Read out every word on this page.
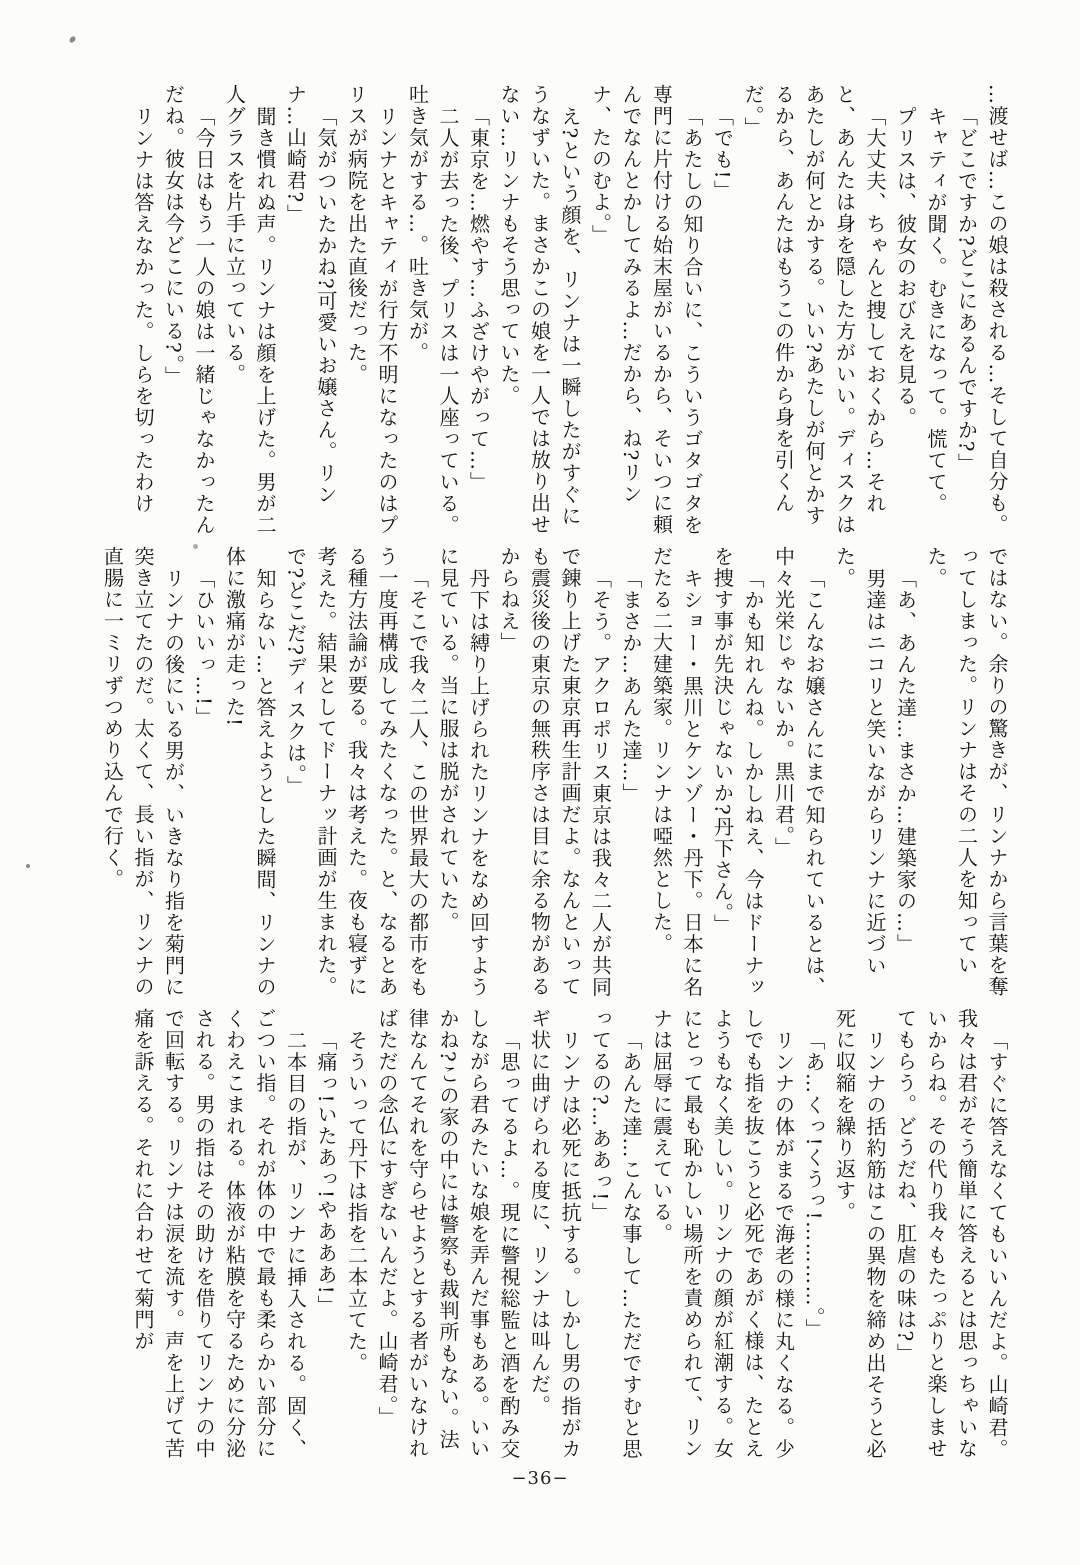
…渡せば…この娘は殺される…そして自分も。

「どこですか?どこにあるんですか?」

キャティが聞く。むきになって。慌てて。

プリスは、彼女のおびえを見る。

「大丈夫、ちゃんと捜しておくから…それと、あんたは身を隠した方がいい。ディスクはあたしが何とかする。いい?あたしが何とかするから、あんたはもうこの件から身を引くんだ。」

「でも!」

「あたしの知り合いに、こういうゴタゴタを専門に片付ける始末屋がいるから、そいつに頼んでなんとかしてみるよ…だから、ね?リンナ、たのむよ。」

え?という顔を、リンナは一瞬したがすぐにうなずいた。まさかこの娘を一人では放り出せない…リンナもそう思っていた。

「東京を…燃やす…ふざけやがって…」

二人が去った後、プリスは一人座っている。吐き気がする…。吐き気が。

リンナとキャティが行方不明になったのはプリスが病院を出た直後だった。

「気がついたかね?可愛いお嬢さん。リンナ…山崎君?」

聞き慣れぬ声。リンナは顔を上げた。男が二人グラスを片手に立っている。

「今日はもう一人の娘は一緒じゃなかったんだね。彼女は今どこにいる?。」

リンナは答えなかった。しらを切ったわけ

ではない。余りの驚きが、リンナから言葉を奪ってしまった。リンナはその二人を知っていた。

「あ、あんた達…まさか…建築家の…」

男達はニコリと笑いながらリンナに近づいた。

「こんなお嬢さんにまで知られているとは、中々光栄じゃないか。黒川君。」

「かも知れんね。しかしねえ、今はドーナッを捜す事が先決じゃないか?丹下さん。」

キショー・黒川とケンゾー・丹下。日本に名だたる二大建築家。リンナは啞然とした。

「まさか…あんた達…」

「そう。アクロポリス東京は我々二人が共同で錬り上げた東京再生計画だよ。なんといっても震災後の東京の無秩序さは目に余る物があるからねえ」

丹下は縛り上げられたリンナをなめ回すように見ている。当に服は脱がされていた。

「そこで我々二人、この世界最大の都市をもう一度再構成してみたくなった。と、なるとある種方法論が要る。我々は考えた。夜も寝ずに考えた。結果としてドーナッ計画が生まれた。で?どこだ?ディスクは。」

知らない…と答えようとした瞬間、リンナの体に激痛が走った!

「ひいいっ…!」

リンナの後にいる男が、いきなり指を菊門に突き立てたのだ。太くて、長い指が、リンナの直腸に一ミリずつめり込んで行く。

「すぐに答えなくてもいいんだよ。山崎君。我々は君がそう簡単に答えるとは思っちゃいないからね。その代り我々もたっぷりと楽しませてもらう。どうだね、肛虐の味は?」

リンナの括約筋はこの異物を締め出そうと必死に収縮を繰り返す。

「あ…くっ!くうっ!…………。」

リンナの体がまるで海老の様に丸くなる。少しでも指を抜こうと必死であがく様は、たとえようもなく美しい。リンナの顔が紅潮する。女にとって最も恥かしい場所を責められて、リンナは屈辱に震えている。

「あんた達…こんな事して…ただですむと思ってるの?…ああっ!」

リンナは必死に抵抗する。しかし男の指がカギ状に曲げられる度に、リンナは叫んだ。

「思ってるよ…。現に警視総監と酒を酌み交しながら君みたいな娘を弄んだ事もある。いいかね?この家の中には警察も裁判所もない。法律なんてそれを守らせようとする者がいなければただの念仏にすぎないんだよ。山崎君。」

そういって丹下は指を二本立てた。

「痛っ!いたあっ!やあああ!」

二本目の指が、リンナに挿入される。固く、ごつい指。それが体の中で最も柔らかい部分にくわえこまれる。体液が粘膜を守るために分泌される。男の指はその助けを借りてリンナの中で回転する。リンナは涙を流す。声を上げて苦痛を訴える。それに合わせて菊門が

−36−
